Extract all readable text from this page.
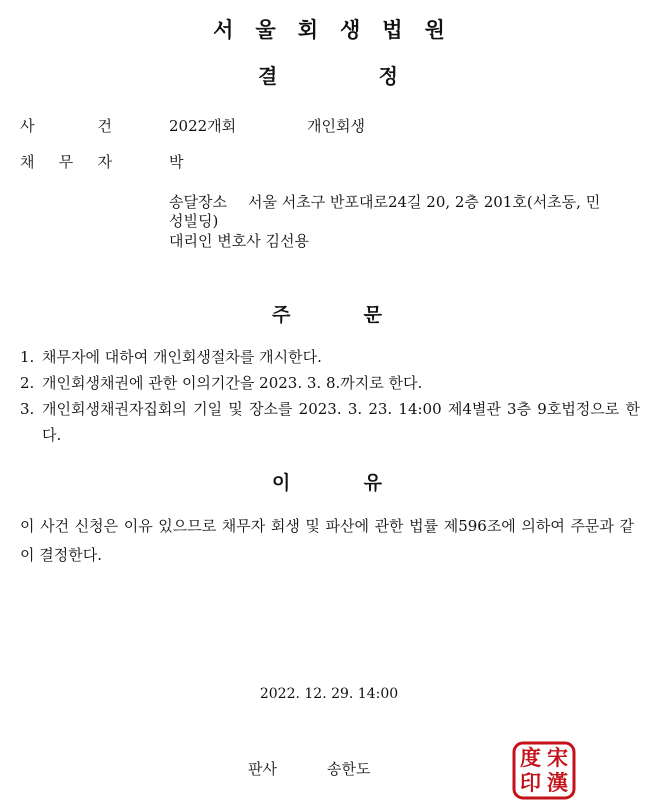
서울회생법원
결	정
사	건	2022개회	개인회생
채 무 자	박
송달장소 서울 서초구 반포대로24길 20, 2층 201호(서초동, 민
성빌딩)
대리인 변호사 김선용
주	문
1. 채무자에 대하여 개인회생절차를 개시한다.
2. 개인회생채권에 관한 이의기간을 2023. 3. 8.까지로 한다.
3. 개인회생채권자집회의 기일 및 장소를 2023. 3. 23. 14:00 제4별관 3층 9호법정으로 한다.
이	유
이 사건 신청은 이유 있으므로 채무자 회생 및 파산에 관한 법률 제596조에 의하여 주문과 같이 결정한다.
2022. 12. 29. 14:00
판사	송한도	宋
漢
度
印
